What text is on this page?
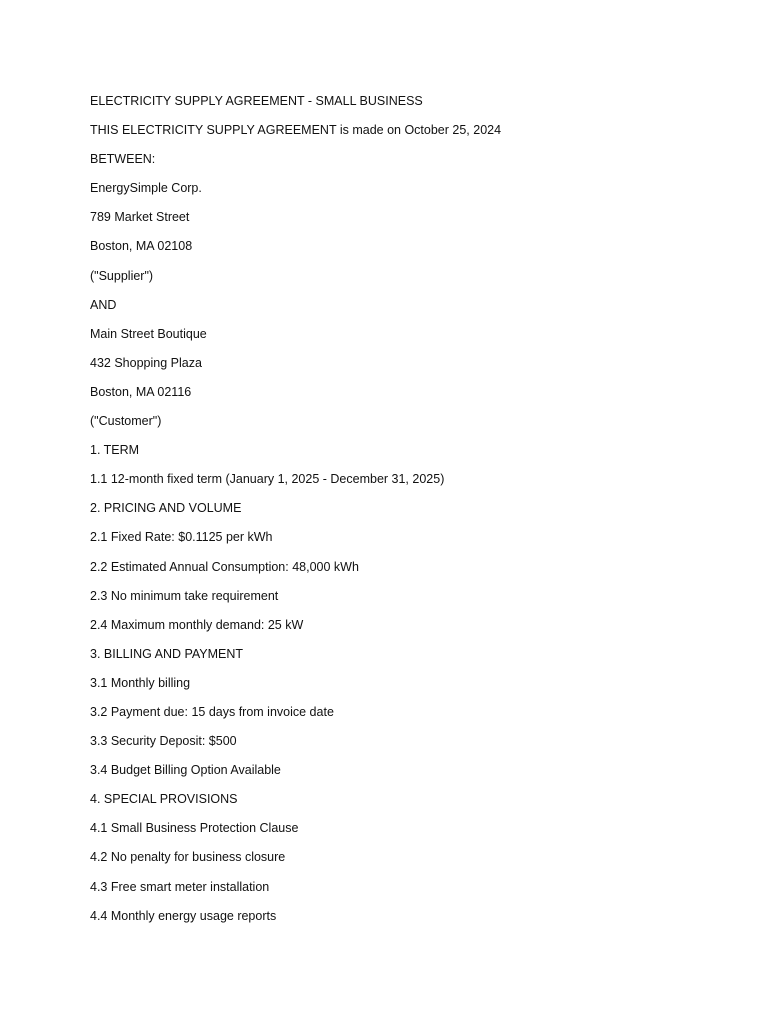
ELECTRICITY SUPPLY AGREEMENT - SMALL BUSINESS
THIS ELECTRICITY SUPPLY AGREEMENT is made on October 25, 2024
BETWEEN:
EnergySimple Corp.
789 Market Street
Boston, MA 02108
("Supplier")
AND
Main Street Boutique
432 Shopping Plaza
Boston, MA 02116
("Customer")
1. TERM
1.1 12-month fixed term (January 1, 2025 - December 31, 2025)
2. PRICING AND VOLUME
2.1 Fixed Rate: $0.1125 per kWh
2.2 Estimated Annual Consumption: 48,000 kWh
2.3 No minimum take requirement
2.4 Maximum monthly demand: 25 kW
3. BILLING AND PAYMENT
3.1 Monthly billing
3.2 Payment due: 15 days from invoice date
3.3 Security Deposit: $500
3.4 Budget Billing Option Available
4. SPECIAL PROVISIONS
4.1 Small Business Protection Clause
4.2 No penalty for business closure
4.3 Free smart meter installation
4.4 Monthly energy usage reports
